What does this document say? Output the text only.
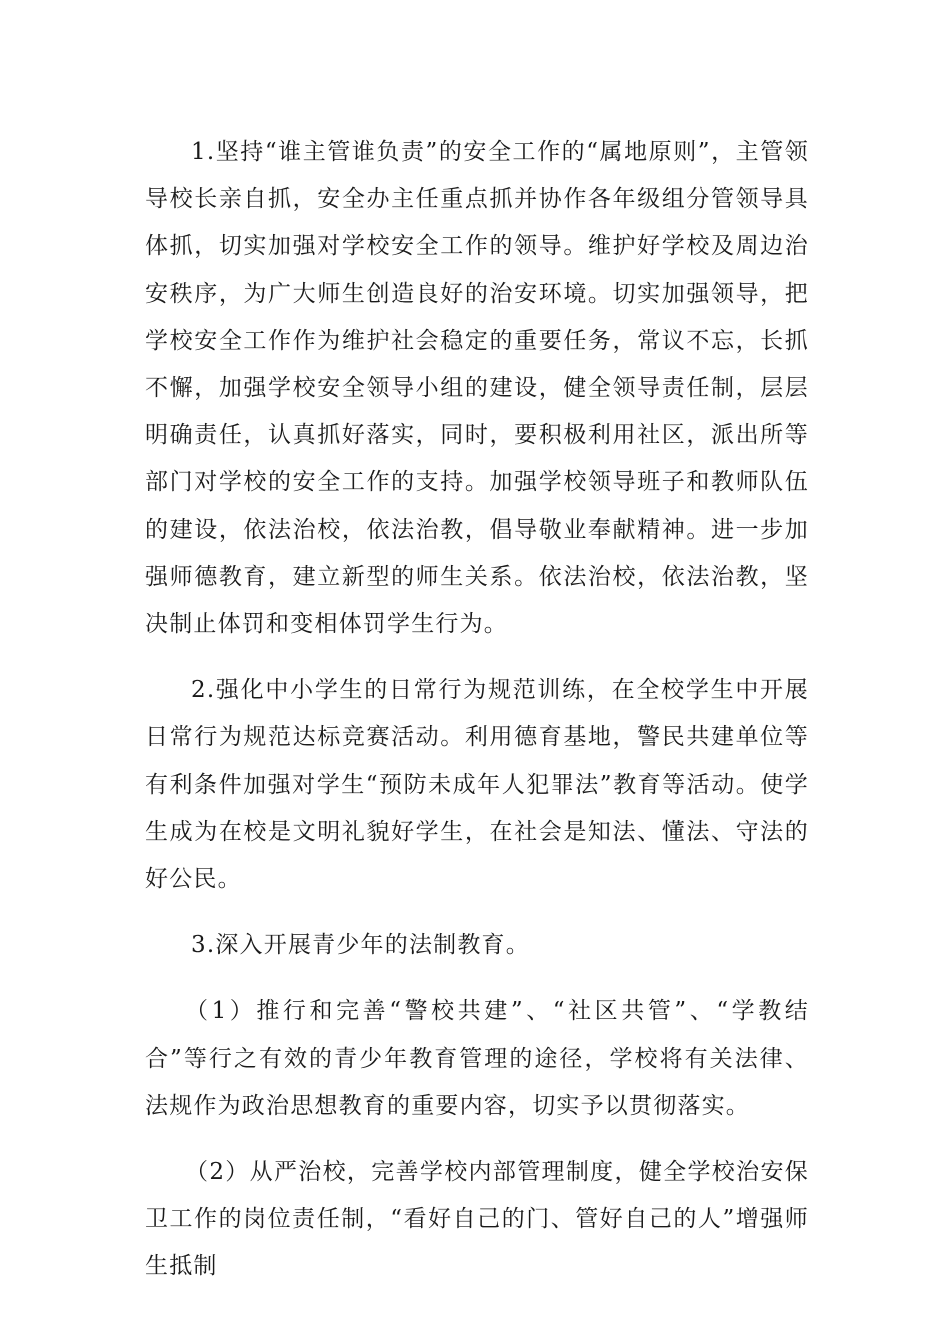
1.坚持“谁主管谁负责”的安全工作的“属地原则”，主管领导校长亲自抓，安全办主任重点抓并协作各年级组分管领导具体抓，切实加强对学校安全工作的领导。维护好学校及周边治安秩序，为广大师生创造良好的治安环境。切实加强领导，把学校安全工作作为维护社会稳定的重要任务，常议不忘，长抓不懈，加强学校安全领导小组的建设，健全领导责任制，层层明确责任，认真抓好落实，同时，要积极利用社区，派出所等部门对学校的安全工作的支持。加强学校领导班子和教师队伍的建设，依法治校，依法治教，倡导敬业奉献精神。进一步加强师德教育，建立新型的师生关系。依法治校，依法治教，坚决制止体罚和变相体罚学生行为。

2.强化中小学生的日常行为规范训练，在全校学生中开展日常行为规范达标竞赛活动。利用德育基地，警民共建单位等有利条件加强对学生“预防未成年人犯罪法”教育等活动。使学生成为在校是文明礼貌好学生，在社会是知法、懂法、守法的好公民。

3.深入开展青少年的法制教育。

（1）推行和完善“警校共建”、“社区共管”、“学教结合”等行之有效的青少年教育管理的途径，学校将有关法律、法规作为政治思想教育的重要内容，切实予以贯彻落实。

（2）从严治校，完善学校内部管理制度，健全学校治安保卫工作的岗位责任制，“看好自己的门、管好自己的人”增强师生抵制
